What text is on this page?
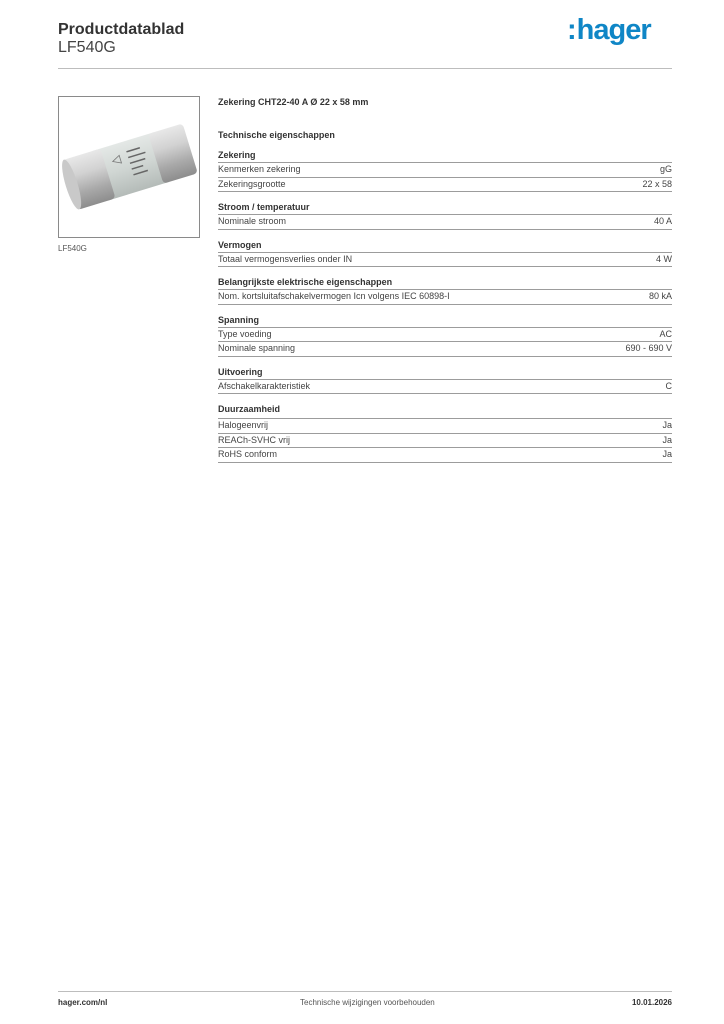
Productdatablad
LF540G
:hager
LF540G
Zekering CHT22-40 A Ø 22 x 58 mm
Technische eigenschappen
Zekering
Kenmerken zekering	gG
Zekeringsgrootte	22 x 58
Stroom / temperatuur
Nominale stroom	40 A
Vermogen
Totaal vermogensverlies onder IN	4 W
Belangrijkste elektrische eigenschappen
Nom. kortsluitafschakelvermogen Icn volgens IEC 60898-I	80 kA
Spanning
Type voeding	AC
Nominale spanning	690 - 690 V
Uitvoering
Afschakelkarakteristiek	C
Duurzaamheid
Halogeenvrij	Ja
REACh-SVHC vrij	Ja
RoHS conform	Ja
hager.com/nl	Technische wijzigingen voorbehouden	10.01.2026
